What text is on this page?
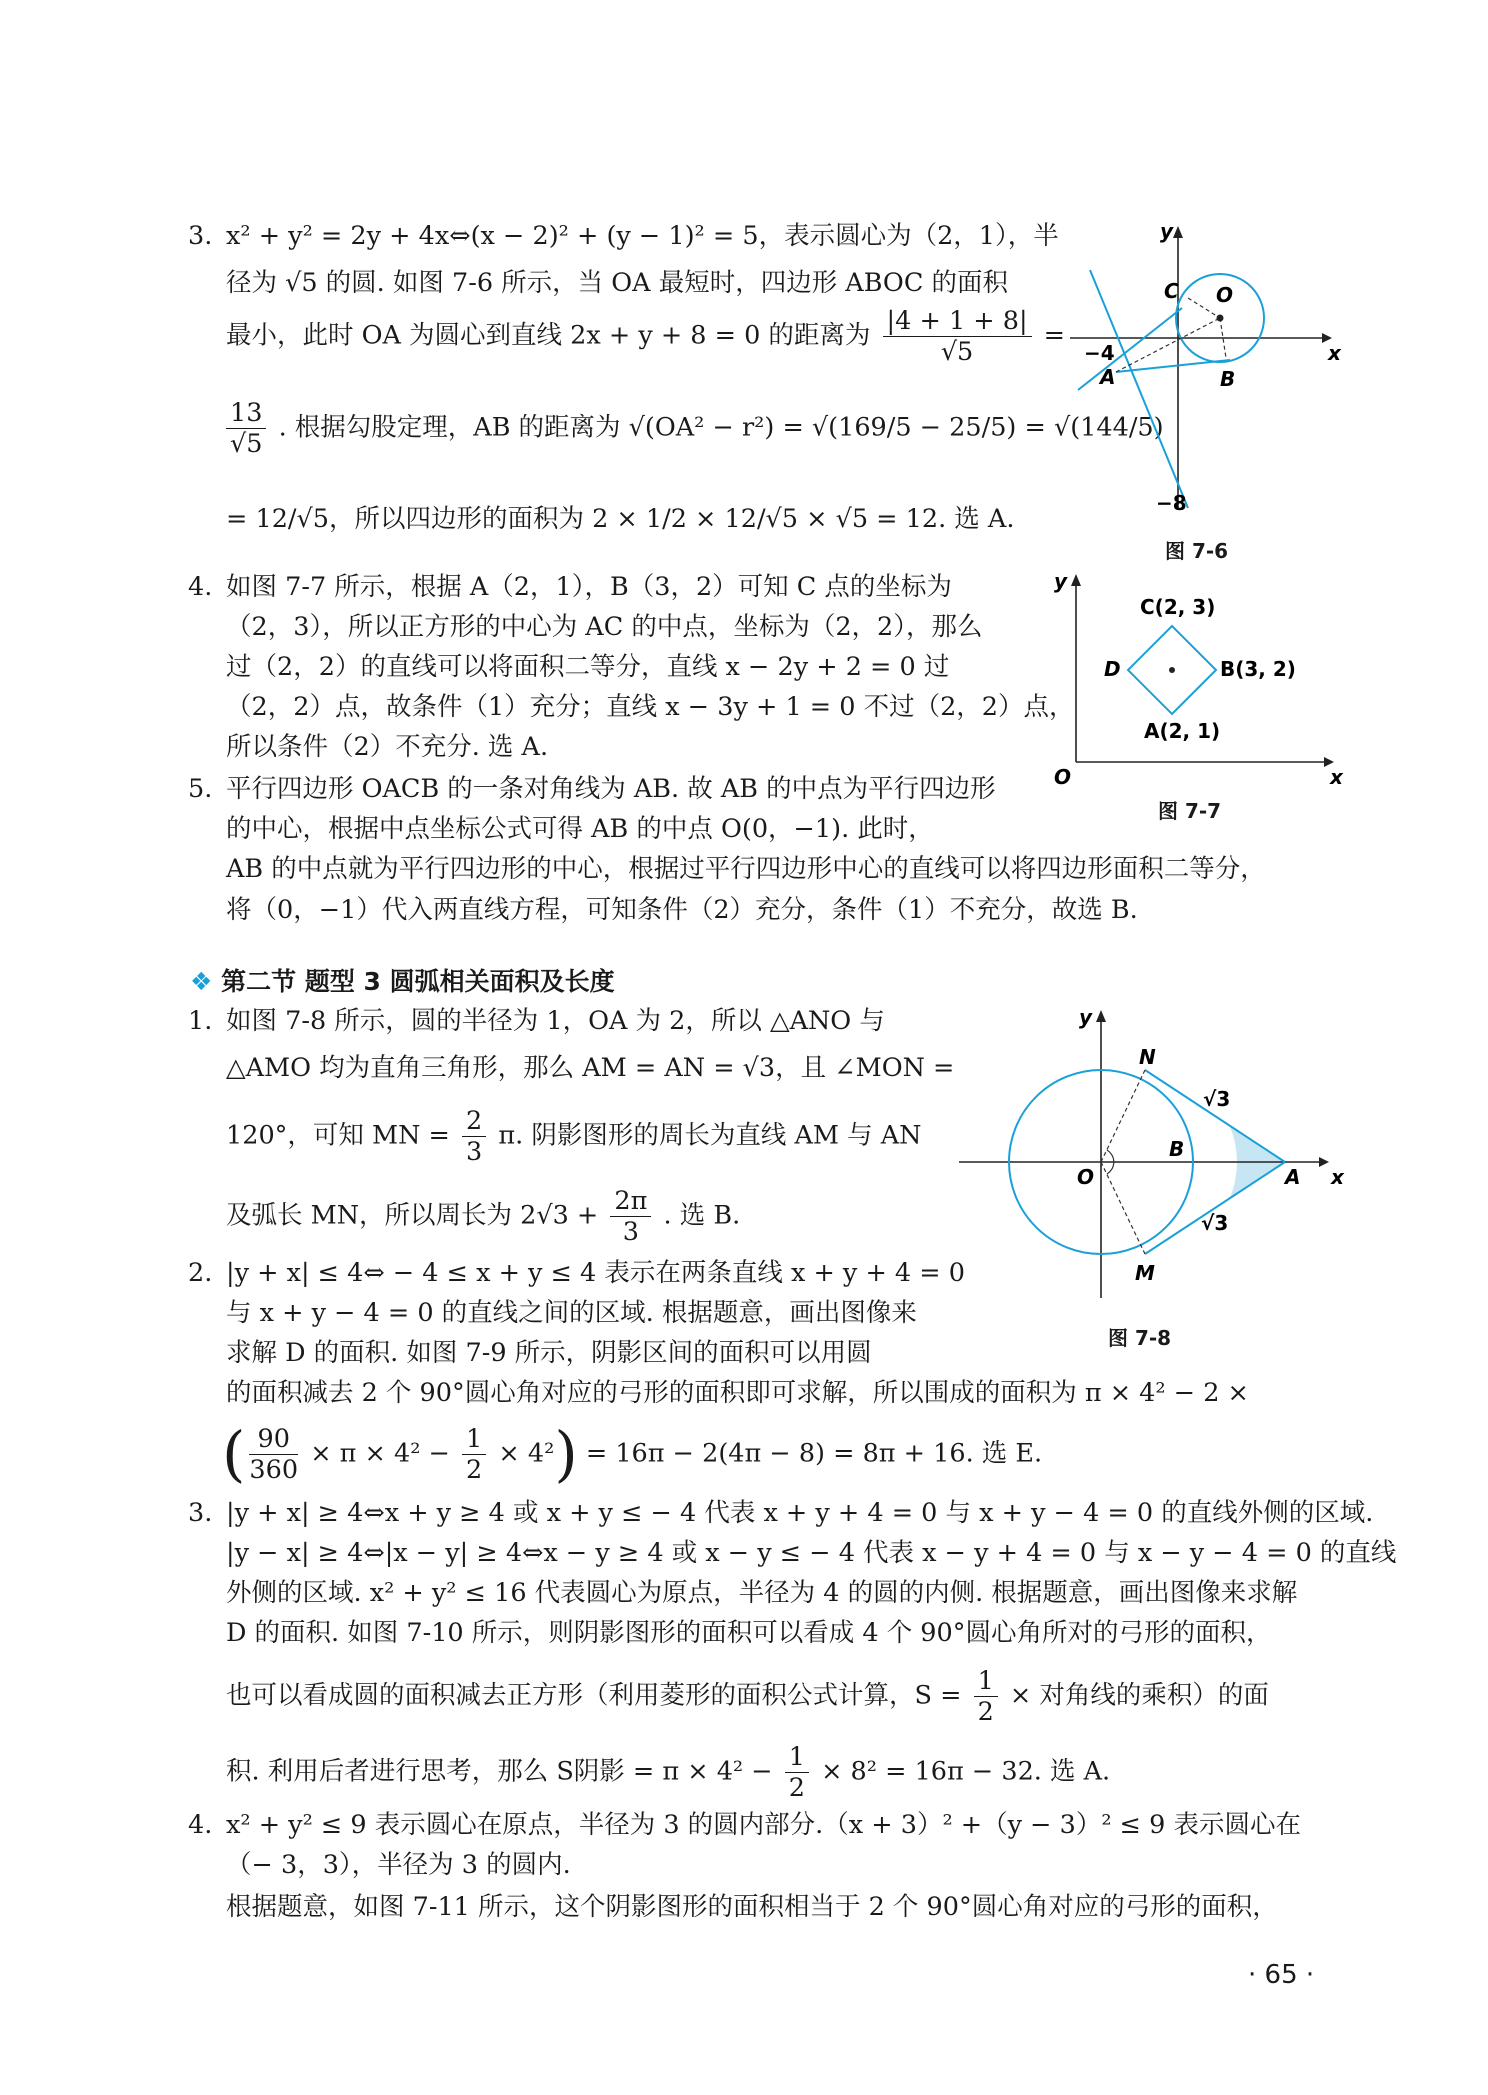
3. x² + y² = 2y + 4x⇔(x − 2)² + (y − 1)² = 5，表示圆心为（2，1），半
径为 √5 的圆. 如图 7-6 所示，当 OA 最短时，四边形 ABOC 的面积
最小，此时 OA 为圆心到直线 2x + y + 8 = 0 的距离为 $\frac{|4 + 1 + 8|}{√5}$ =
$\frac{13}{√5}$ . 根据勾股定理，AB 的距离为 √(OA² − r²) = √(169/5 − 25/5) = √(144/5)
= 12/√5，所以四边形的面积为 2 × 1/2 × 12/√5 × √5 = 12. 选 A.
4. 如图 7-7 所示，根据 A（2，1），B（3，2）可知 C 点的坐标为
（2，3），所以正方形的中心为 AC 的中点，坐标为（2，2），那么
过（2，2）的直线可以将面积二等分，直线 x − 2y + 2 = 0 过
（2，2）点，故条件（1）充分；直线 x − 3y + 1 = 0 不过（2，2）点，
所以条件（2）不充分. 选 A.
5. 平行四边形 OACB 的一条对角线为 AB. 故 AB 的中点为平行四边形
的中心，根据中点坐标公式可得 AB 的中点 O(0，−1). 此时，
AB 的中点就为平行四边形的中心，根据过平行四边形中心的直线可以将四边形面积二等分，
将（0，−1）代入两直线方程，可知条件（2）充分，条件（1）不充分，故选 B.
❖ 第二节 题型 3 圆弧相关面积及长度
1. 如图 7-8 所示，圆的半径为 1，OA 为 2，所以 △ANO 与
△AMO 均为直角三角形，那么 AM = AN = √3，且 ∠MON =
120°，可知 MN = $\frac{2}{3} \pi$. 阴影图形的周长为直线 AM 与 AN
及弧长 MN，所以周长为 $2√3 + \frac{2\pi}{3}$ . 选 B.
2. |y + x| ≤ 4⇔ − 4 ≤ x + y ≤ 4 表示在两条直线 x + y + 4 = 0
与 x + y − 4 = 0 的直线之间的区域. 根据题意，画出图像来
求解 D 的面积. 如图 7-9 所示，阴影区间的面积可以用圆
的面积减去 2 个 90°圆心角对应的弓形的面积即可求解，所以围成的面积为 π × 4² − 2 ×
( $\frac{90}{360} \times \pi \times 4^2 - \frac{1}{2} \times 4^2) = 16\pi - 2(4\pi - 8) = 8\pi + 16$. 选 E.
3. |y + x| ≥ 4⇔x + y ≥ 4 或 x + y ≤ − 4 代表 x + y + 4 = 0 与 x + y − 4 = 0 的直线外侧的区域.
|y − x| ≥ 4⇔|x − y| ≥ 4⇔x − y ≥ 4 或 x − y ≤ − 4 代表 x − y + 4 = 0 与 x − y − 4 = 0 的直线
外侧的区域. x² + y² ≤ 16 代表圆心为原点，半径为 4 的圆的内侧. 根据题意，画出图像来求解
D 的面积. 如图 7-10 所示，则阴影图形的面积可以看成 4 个 90°圆心角所对的弓形的面积，
也可以看成圆的面积减去正方形（利用菱形的面积公式计算，$S = \frac{1}{2}$ × 对角线的乘积）的面
积. 利用后者进行思考，那么 S阴影 = $\pi \times 4^2 - \frac{1}{2} \times 8^2 = 16\pi - 32$. 选 A.
4. x² + y² ≤ 9 表示圆心在原点，半径为 3 的圆内部分.（x + 3）² +（y − 3）² ≤ 9 表示圆心在
（− 3，3），半径为 3 的圆内.
根据题意，如图 7-11 所示，这个阴影图形的面积相当于 2 个 90°圆心角对应的弓形的面积，
· 65 ·
y
x
C O
A	B
−4
−8
图 7-6
y
x
O
C(2, 3)
B(3, 2)
D
A(2, 1)
图 7-7
y
x
O
N
M
A
B
√3
√3
图 7-8
